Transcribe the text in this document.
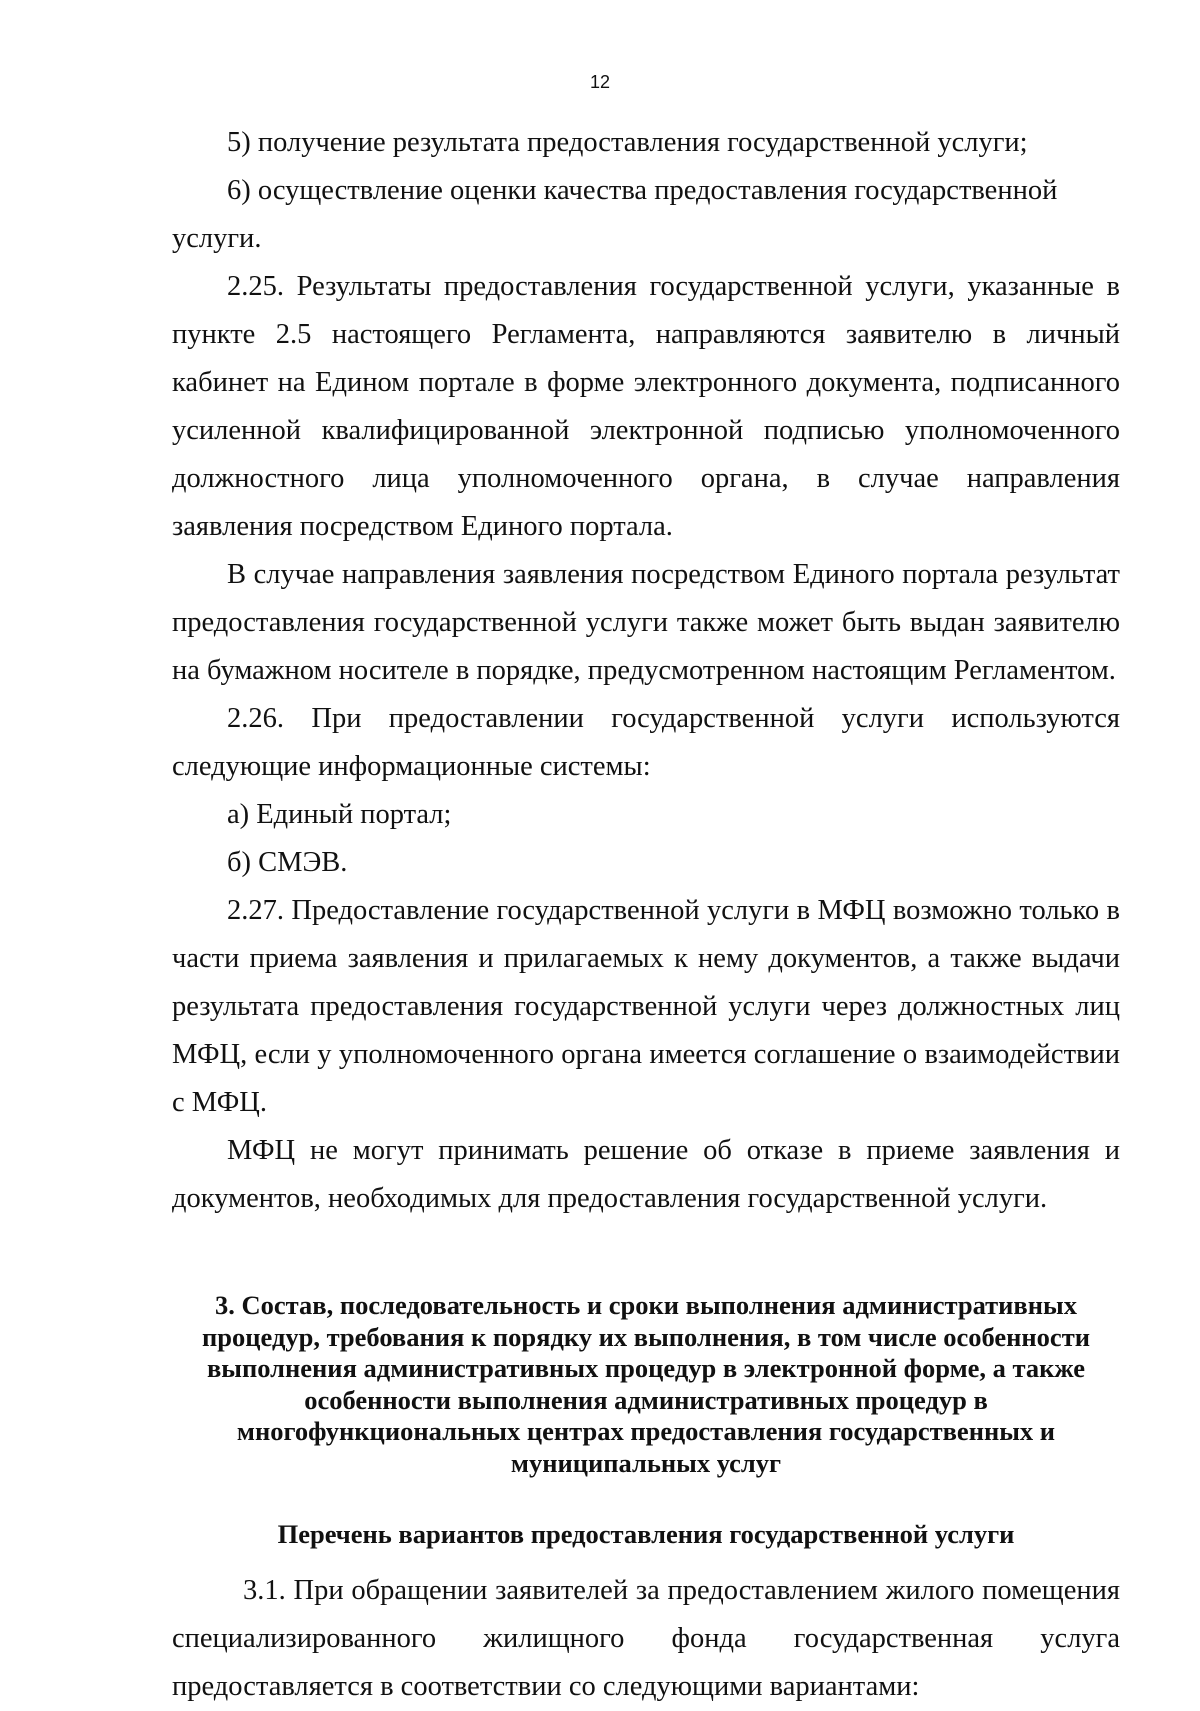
12

5) получение результата предоставления государственной услуги;

6) осуществление оценки качества предоставления государственной услуги.

2.25. Результаты предоставления государственной услуги, указанные в пункте 2.5 настоящего Регламента, направляются заявителю в личный кабинет на Едином портале в форме электронного документа, подписанного усиленной квалифицированной электронной подписью уполномоченного должностного лица уполномоченного органа, в случае направления заявления посредством Единого портала.

В случае направления заявления посредством Единого портала результат предоставления государственной услуги также может быть выдан заявителю на бумажном носителе в порядке, предусмотренном настоящим Регламентом.

2.26. При предоставлении государственной услуги используются следующие информационные системы:

а) Единый портал;

б) СМЭВ.

2.27. Предоставление государственной услуги в МФЦ возможно только в части приема заявления и прилагаемых к нему документов, а также выдачи результата предоставления государственной услуги через должностных лиц МФЦ, если у уполномоченного органа имеется соглашение о взаимодействии с МФЦ.

МФЦ не могут принимать решение об отказе в приеме заявления и документов, необходимых для предоставления государственной услуги.

3. Состав, последовательность и сроки выполнения административных процедур, требования к порядку их выполнения, в том числе особенности выполнения административных процедур в электронной форме, а также особенности выполнения административных процедур в многофункциональных центрах предоставления государственных и муниципальных услуг
Перечень вариантов предоставления государственной услуги

3.1. При обращении заявителей за предоставлением жилого помещения специализированного жилищного фонда государственная услуга предоставляется в соответствии со следующими вариантами:
